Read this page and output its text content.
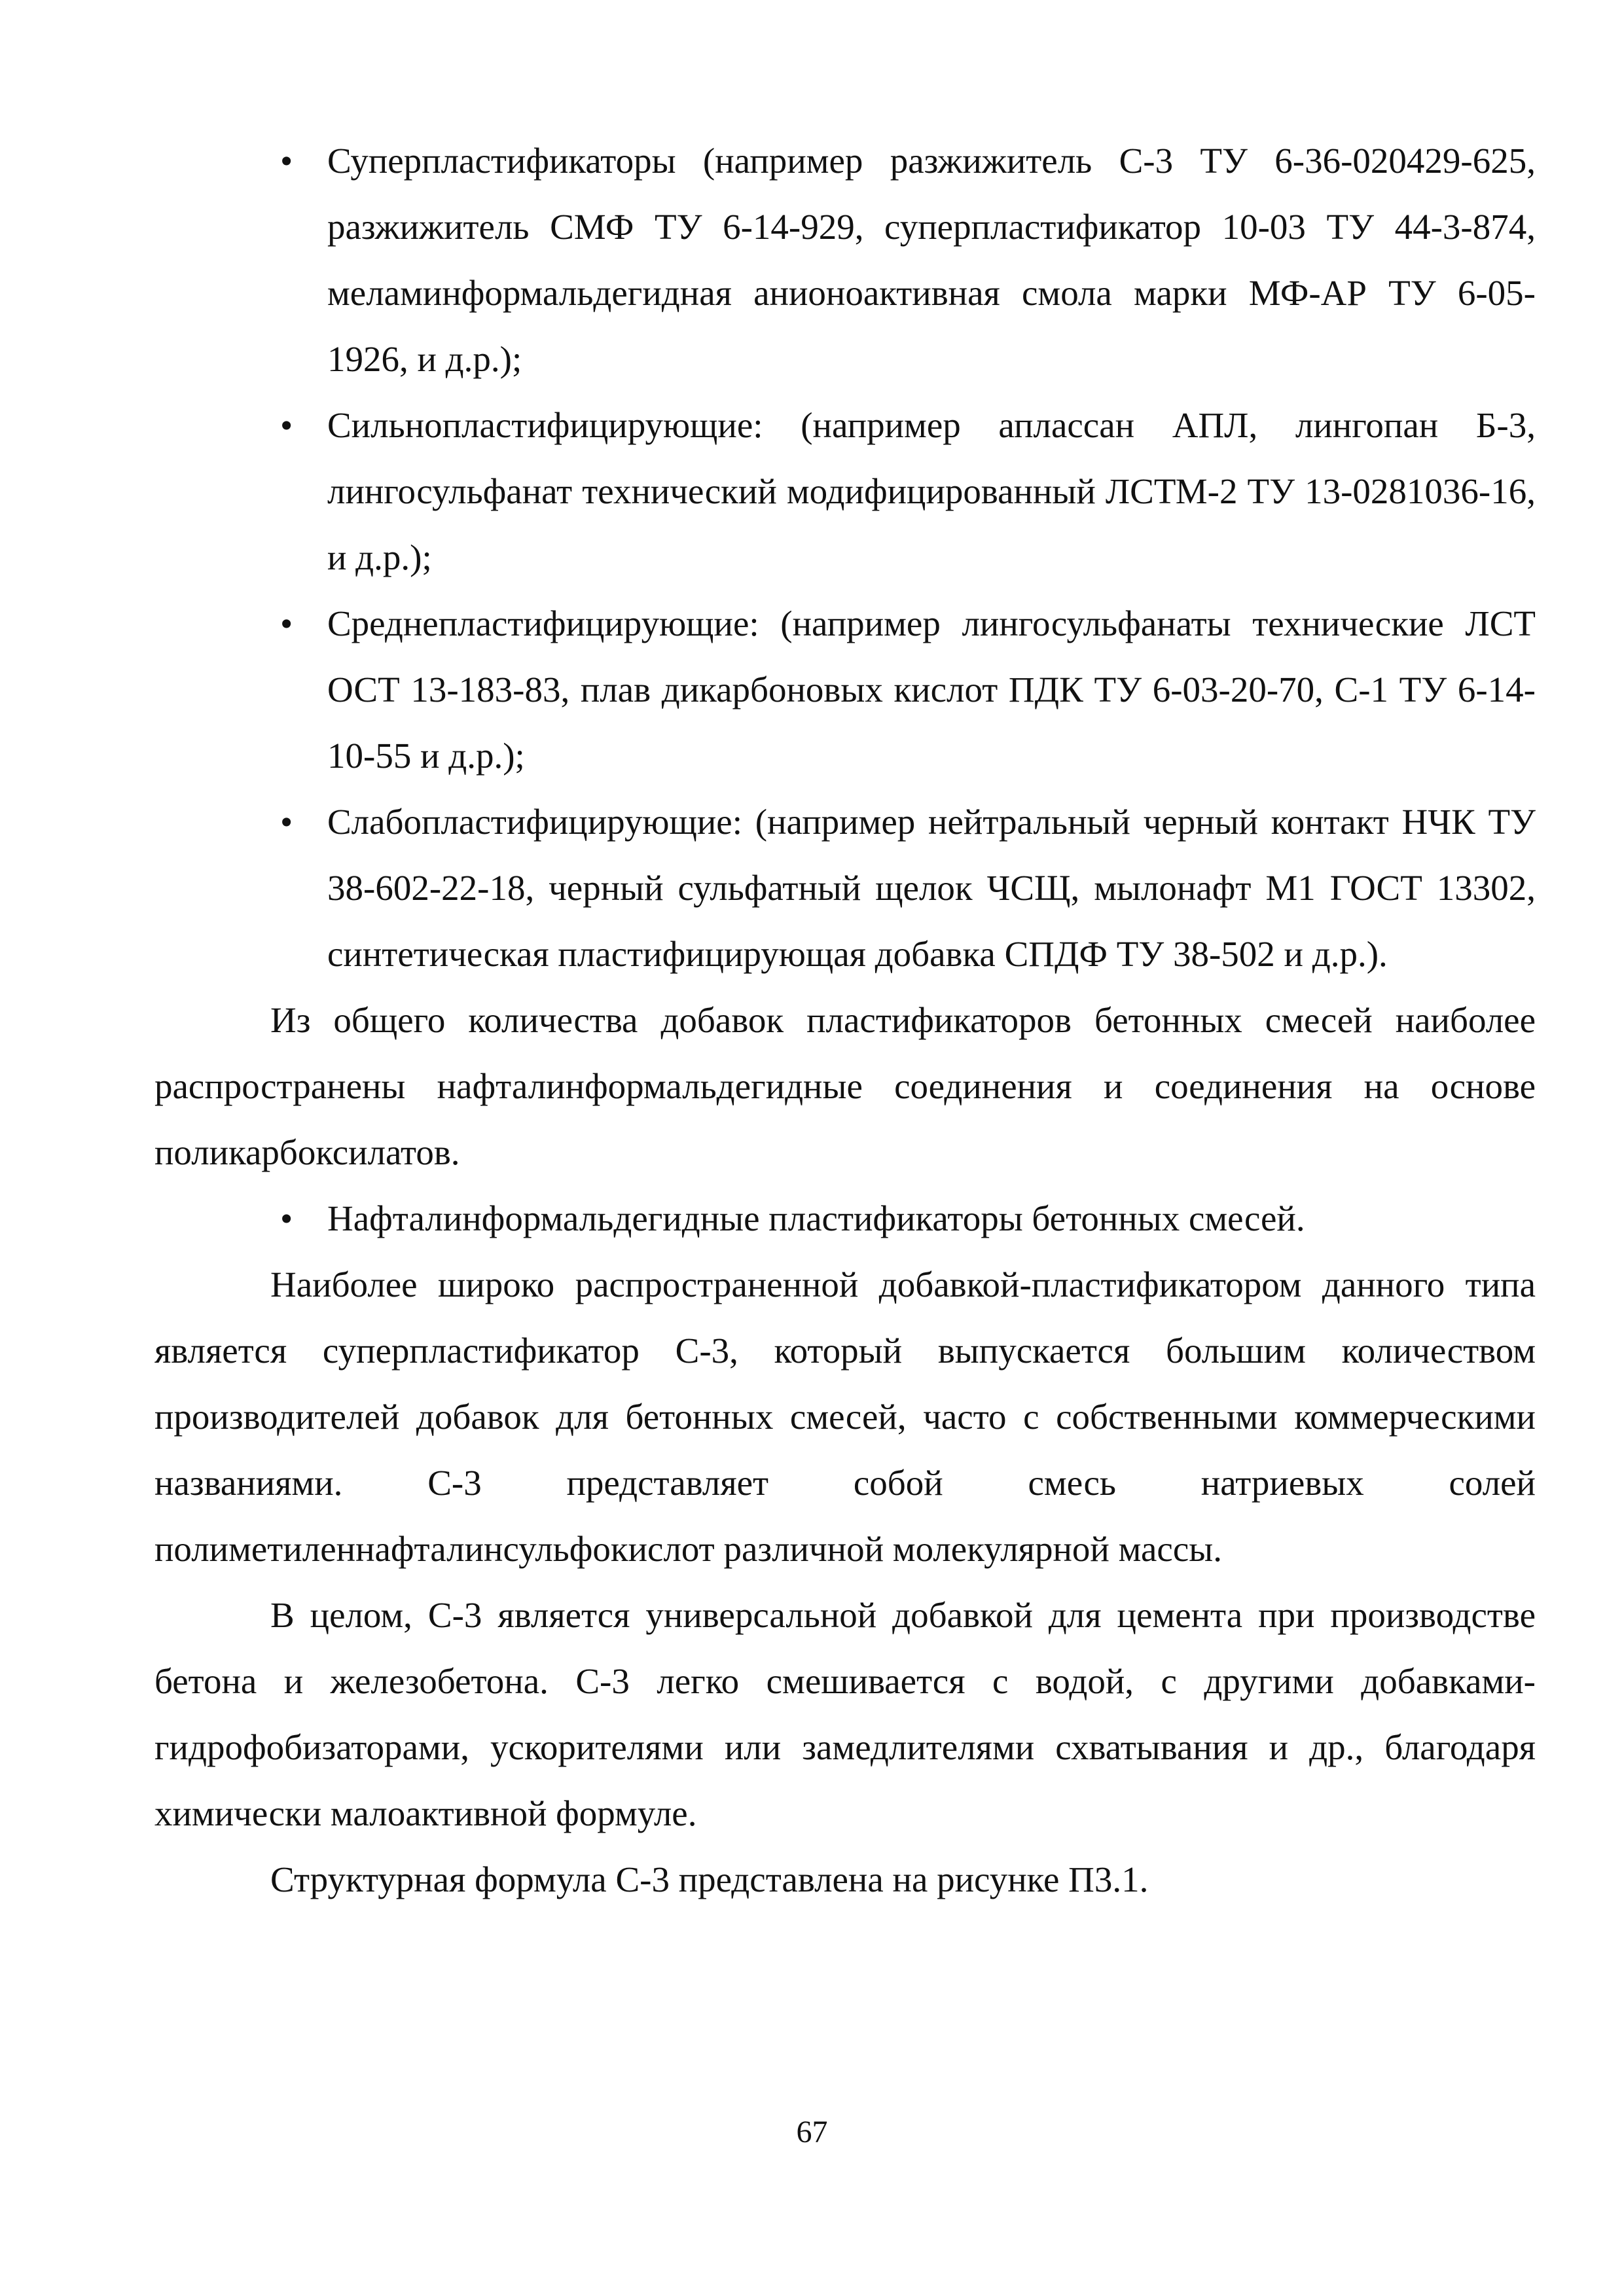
• Суперпластификаторы (например разжижитель С-3 ТУ 6-36-020429-625, разжижитель СМФ ТУ 6-14-929, суперпластификатор 10-03 ТУ 44-3-874, меламинформальдегидная анионоактивная смола марки МФ-АР ТУ 6-05-1926, и д.р.);
• Сильнопластифицирующие: (например апласcан АПЛ, лингопан Б-3, лингосульфанат технический модифицированный ЛСТМ-2 ТУ 13-0281036-16, и д.р.);
• Среднепластифицирующие: (например лингосульфанаты технические ЛСТ ОСТ 13-183-83, плав дикарбоновых кислот ПДК ТУ 6-03-20-70, С-1 ТУ 6-14-10-55 и д.р.);
• Слабопластифицирующие: (например нейтральный черный контакт НЧК ТУ 38-602-22-18, черный сульфатный щелок ЧСЩ, мылонафт М1 ГОСТ 13302, синтетическая пластифицирующая добавка СПДФ ТУ 38-502 и д.р.).

Из общего количества добавок пластификаторов бетонных смесей наиболее распространены нафталинформальдегидные соединения и соединения на основе поликарбоксилатов.

• Нафталинформальдегидные пластификаторы бетонных смесей.

Наиболее широко распространенной добавкой-пластификатором данного типа является суперпластификатор С-3, который выпускается большим количеством производителей добавок для бетонных смесей, часто с собственными коммерческими названиями. С-3 представляет собой смесь натриевых солей полиметиленнафталинсульфокислот различной молекулярной массы.

В целом, С-3 является универсальной добавкой для цемента при производстве бетона и железобетона. С-3 легко смешивается с водой, с другими добавками-гидрофобизаторами, ускорителями или замедлителями схватывания и др., благодаря химически малоактивной формуле.

Структурная формула С-3 представлена на рисунке П3.1.

67
